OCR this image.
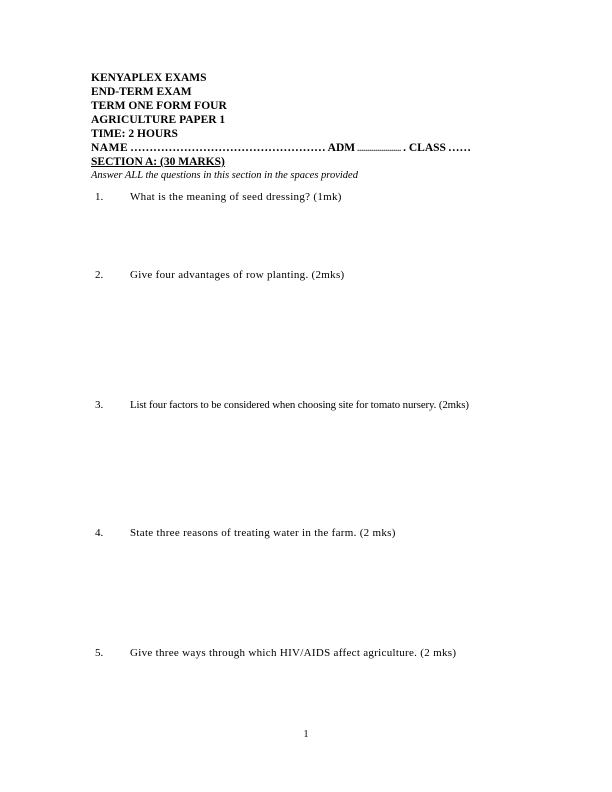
KENYAPLEX EXAMS
END-TERM EXAM
TERM ONE FORM FOUR
AGRICULTURE PAPER 1
TIME: 2 HOURS
NAME …………………………………………… ADM ...................... . CLASS ……
SECTION A: (30 MARKS)
Answer ALL the questions in this section in the spaces provided
1.	What is the meaning of seed dressing? (1mk)
2.	Give four advantages of row planting. (2mks)
3.	List four factors to be considered when choosing site for tomato nursery. (2mks)
4.	State three reasons of treating water in the farm. (2 mks)
5.	Give three ways through which HIV/AIDS affect agriculture. (2 mks)
1
